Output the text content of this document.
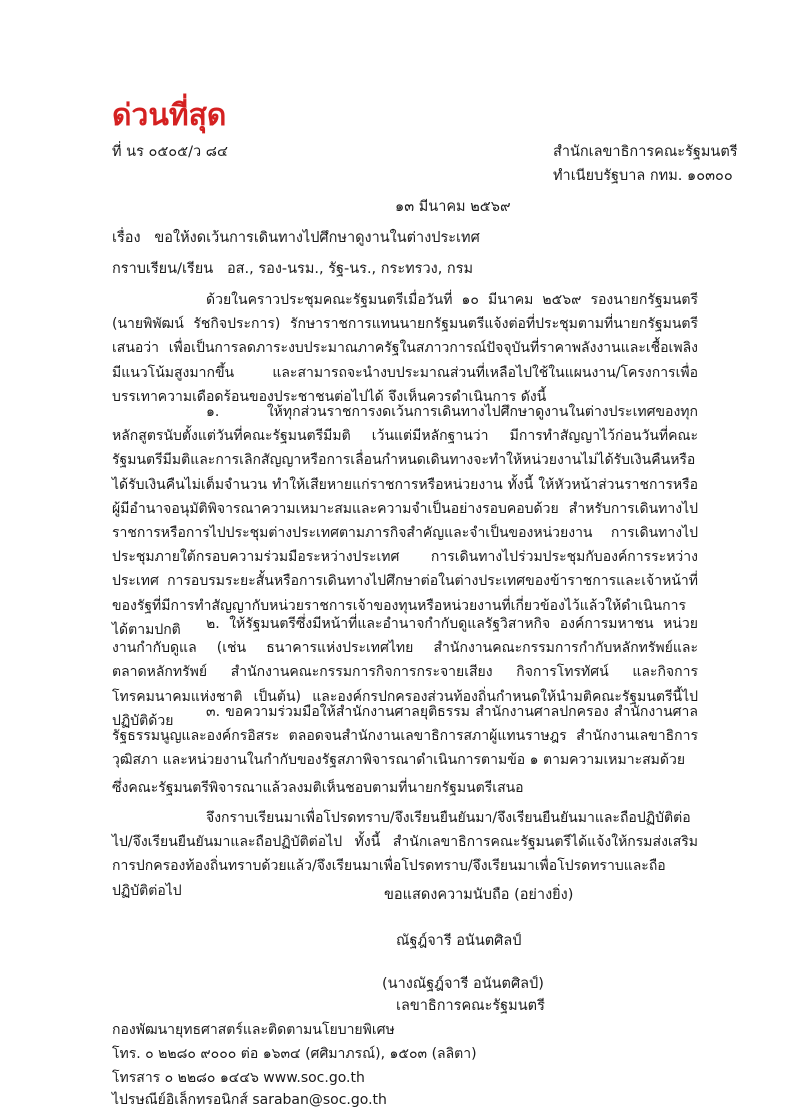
ด่วนที่สุด
ที่ นร ๐๕๐๕/ว ๘๔	สำนักเลขาธิการคณะรัฐมนตรี
ทำเนียบรัฐบาล กทม. ๑๐๓๐๐
๑๓ มีนาคม ๒๕๖๙
เรื่อง ขอให้งดเว้นการเดินทางไปศึกษาดูงานในต่างประเทศ
กราบเรียน/เรียน อส., รอง-นรม., รัฐ-นร., กระทรวง, กรม
ด้วยในคราวประชุมคณะรัฐมนตรีเมื่อวันที่ ๑๐ มีนาคม ๒๕๖๙ รองนายกรัฐมนตรี (นายพิพัฒน์ รัชกิจประการ) รักษาราชการแทนนายกรัฐมนตรีแจ้งต่อที่ประชุมตามที่นายกรัฐมนตรีเสนอว่า เพื่อเป็นการลดภาระงบประมาณภาครัฐในสภาวการณ์ปัจจุบันที่ราคาพลังงานและเชื้อเพลิงมีแนวโน้มสูงมากขึ้น และสามารถจะนำงบประมาณส่วนที่เหลือไปใช้ในแผนงาน/โครงการเพื่อบรรเทาความเดือดร้อนของประชาชนต่อไปได้ จึงเห็นควรดำเนินการ ดังนี้
๑. ให้ทุกส่วนราชการงดเว้นการเดินทางไปศึกษาดูงานในต่างประเทศของทุกหลักสูตรนับตั้งแต่วันที่คณะรัฐมนตรีมีมติ เว้นแต่มีหลักฐานว่า มีการทำสัญญาไว้ก่อนวันที่คณะรัฐมนตรีมีมติและการเลิกสัญญาหรือการเลื่อนกำหนดเดินทางจะทำให้หน่วยงานไม่ได้รับเงินคืนหรือได้รับเงินคืนไม่เต็มจำนวน ทำให้เสียหายแก่ราชการหรือหน่วยงาน ทั้งนี้ ให้หัวหน้าส่วนราชการหรือผู้มีอำนาจอนุมัติพิจารณาความเหมาะสมและความจำเป็นอย่างรอบคอบด้วย สำหรับการเดินทางไปราชการหรือการไปประชุมต่างประเทศตามภารกิจสำคัญและจำเป็นของหน่วยงาน การเดินทางไปประชุมภายใต้กรอบความร่วมมือระหว่างประเทศ การเดินทางไปร่วมประชุมกับองค์การระหว่างประเทศ การอบรมระยะสั้นหรือการเดินทางไปศึกษาต่อในต่างประเทศของข้าราชการและเจ้าหน้าที่ของรัฐที่มีการทำสัญญากับหน่วยราชการเจ้าของทุนหรือหน่วยงานที่เกี่ยวข้องไว้แล้วให้ดำเนินการได้ตามปกติ	๒. ให้รัฐมนตรีซึ่งมีหน้าที่และอำนาจกำกับดูแลรัฐวิสาหกิจ องค์การมหาชน หน่วยงานกำกับดูแล (เช่น ธนาคารแห่งประเทศไทย สำนักงานคณะกรรมการกำกับหลักทรัพย์และตลาดหลักทรัพย์ สำนักงานคณะกรรมการกิจการกระจายเสียง กิจการโทรทัศน์ และกิจการโทรคมนาคมแห่งชาติ เป็นต้น) และองค์กรปกครองส่วนท้องถิ่นกำหนดให้นำมติคณะรัฐมนตรีนี้ไปปฏิบัติด้วย
๓. ขอความร่วมมือให้สำนักงานศาลยุติธรรม สำนักงานศาลปกครอง สำนักงานศาลรัฐธรรมนูญและองค์กรอิสระ ตลอดจนสำนักงานเลขาธิการสภาผู้แทนราษฎร สำนักงานเลขาธิการวุฒิสภา และหน่วยงานในกำกับของรัฐสภาพิจารณาดำเนินการตามข้อ ๑ ตามความเหมาะสมด้วย
ซึ่งคณะรัฐมนตรีพิจารณาแล้วลงมติเห็นชอบตามที่นายกรัฐมนตรีเสนอ
จึงกราบเรียนมาเพื่อโปรดทราบ/จึงเรียนยืนยันมา/จึงเรียนยืนยันมาและถือปฏิบัติต่อไป/จึงเรียนยืนยันมาและถือปฏิบัติต่อไป ทั้งนี้ สำนักเลขาธิการคณะรัฐมนตรีได้แจ้งให้กรมส่งเสริมการปกครองท้องถิ่นทราบด้วยแล้ว/จึงเรียนมาเพื่อโปรดทราบ/จึงเรียนมาเพื่อโปรดทราบและถือปฏิบัติต่อไป	ขอแสดงความนับถือ (อย่างยิ่ง)
ณัฐฎ์จารี อนันตศิลป์
(นางณัฐฎ์จารี อนันตศิลป์)
เลขาธิการคณะรัฐมนตรี
กองพัฒนายุทธศาสตร์และติดตามนโยบายพิเศษ
โทร. ๐ ๒๒๘๐ ๙๐๐๐ ต่อ ๑๖๓๔ (ศศิมาภรณ์), ๑๕๐๓ (ลลิตา)
โทรสาร ๐ ๒๒๘๐ ๑๔๔๖ www.soc.go.th
ไปรษณีย์อิเล็กทรอนิกส์ saraban@soc.go.th
